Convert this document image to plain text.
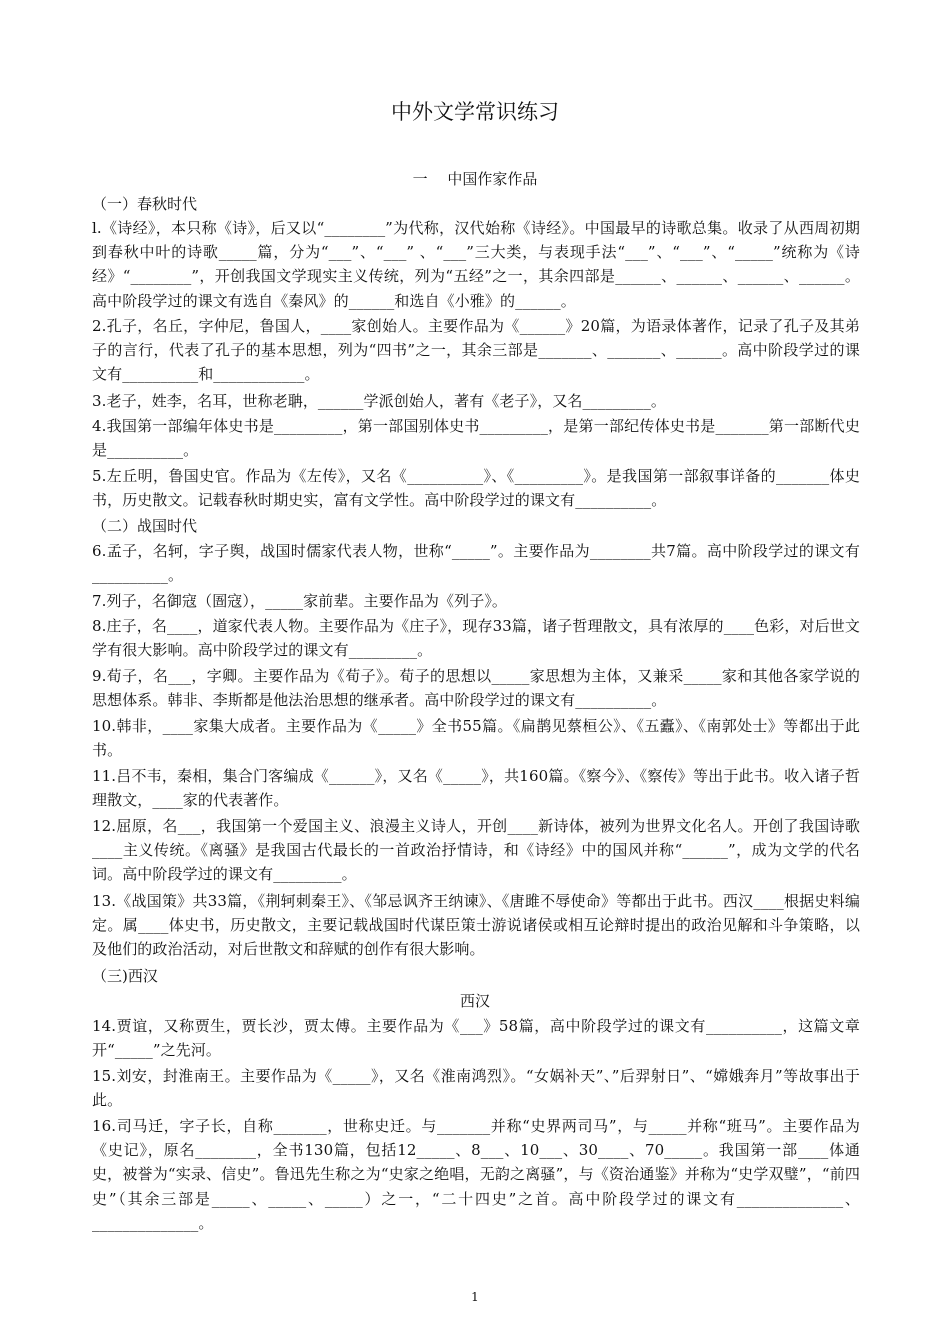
中外文学常识练习
一　 中国作家作品
（一）春秋时代
l.《诗经》，本只称《诗》，后又以“________”为代称，汉代始称《诗经》。中国最早的诗歌总集。收录了从西周初期到春秋中叶的诗歌_____篇，分为“___”、“___” 、“___”三大类，与表现手法“___”、“___”、“_____”统称为《诗经》“________”，开创我国文学现实主义传统，列为“五经”之一，其余四部是______、______、______、______。高中阶段学过的课文有选自《秦风》的______和选自《小雅》的______。
2.孔子，名丘，字仲尼，鲁国人，____家创始人。主要作品为《______》20篇，为语录体著作，记录了孔子及其弟子的言行，代表了孔子的基本思想，列为“四书”之一，其余三部是_______、_______、______。高中阶段学过的课文有__________和____________。
3.老子，姓李，名耳，世称老聃，______学派创始人，著有《老子》，又名_________。
4.我国第一部编年体史书是_________，第一部国别体史书_________，是第一部纪传体史书是_______第一部断代史是__________。
5.左丘明，鲁国史官。作品为《左传》，又名《__________》、《_________》。是我国第一部叙事详备的_______体史书，历史散文。记载春秋时期史实，富有文学性。高中阶段学过的课文有__________。
（二）战国时代
6.孟子，名轲，字子舆，战国时儒家代表人物，世称“_____”。主要作品为________共7篇。高中阶段学过的课文有__________。
7.列子，名御寇（圄寇），_____家前辈。主要作品为《列子》。
8.庄子，名____，道家代表人物。主要作品为《庄子》，现存33篇，诸子哲理散文，具有浓厚的____色彩，对后世文学有很大影响。高中阶段学过的课文有_________。
9.荀子，名___，字卿。主要作品为《荀子》。荀子的思想以_____家思想为主体，又兼采_____家和其他各家学说的思想体系。韩非、李斯都是他法治思想的继承者。高中阶段学过的课文有__________。
10.韩非，____家集大成者。主要作品为《_____》全书55篇。《扁鹊见蔡桓公》、《五蠹》、《南郭处士》等都出于此书。
11.吕不韦，秦相，集合门客编成《______》，又名《_____》，共160篇。《察今》、《察传》等出于此书。收入诸子哲理散文，____家的代表著作。
12.屈原，名___，我国第一个爱国主义、浪漫主义诗人，开创____新诗体，被列为世界文化名人。开创了我国诗歌____主义传统。《离骚》是我国古代最长的一首政治抒情诗，和《诗经》中的国风并称“______”，成为文学的代名词。高中阶段学过的课文有_________。
13.《战国策》共33篇，《荆轲刺秦王》、《邹忌讽齐王纳谏》、《唐雎不辱使命》等都出于此书。西汉____根据史料编定。属____体史书，历史散文，主要记载战国时代谋臣策士游说诸侯或相互论辩时提出的政治见解和斗争策略，以及他们的政治活动，对后世散文和辞赋的创作有很大影响。
（三)西汉
西汉
14.贾谊，又称贾生，贾长沙，贾太傅。主要作品为《___》58篇，高中阶段学过的课文有__________，这篇文章开“_____”之先河。
15.刘安，封淮南王。主要作品为《_____》，又名《淮南鸿烈》。“女娲补天”、”后羿射日”、“嫦娥奔月”等故事出于此。
16.司马迁，字子长，自称_______，世称史迁。与_______并称“史界两司马”，与_____并称“班马”。主要作品为《史记》，原名________，全书130篇，包括12_____、8___、10___、30____、70_____。我国第一部____体通史，被誉为“实录、信史”。鲁迅先生称之为“史家之绝唱，无韵之离骚”，与《资治通鉴》并称为“史学双璧”，“前四史”（其余三部是_____、_____、_____）之一，“二十四史”之首。高中阶段学过的课文有______________、______________。
1
